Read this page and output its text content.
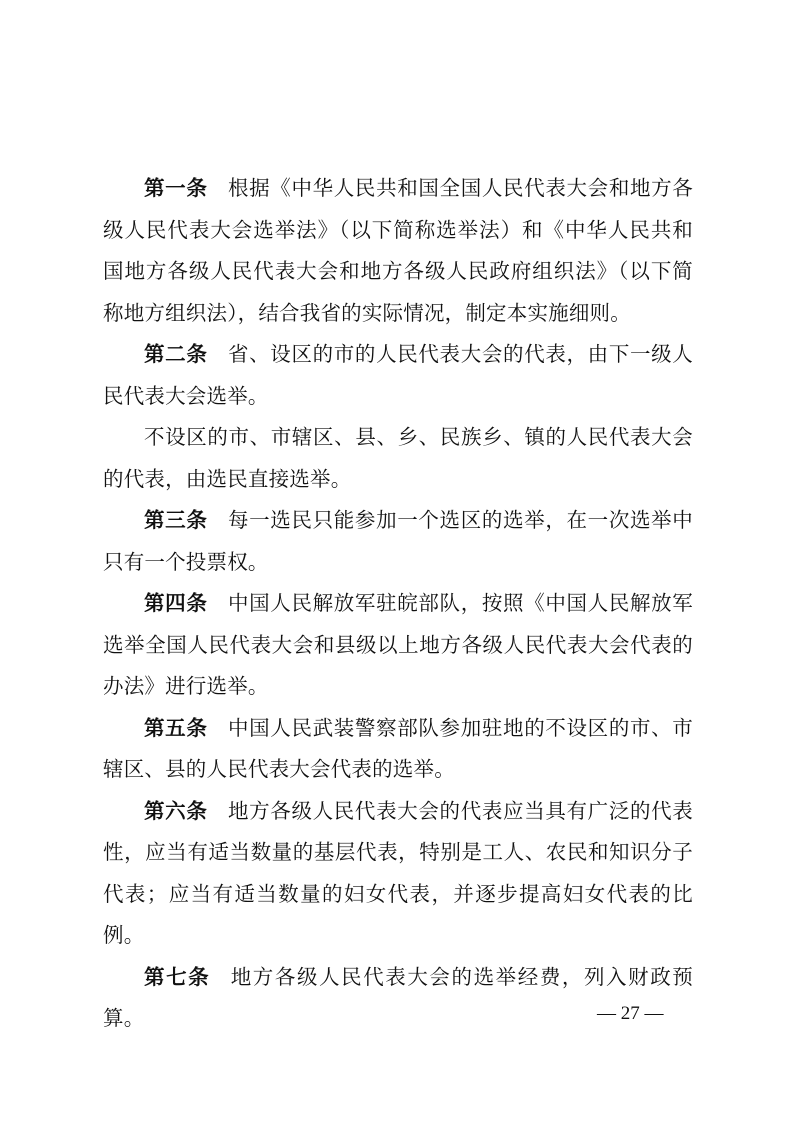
第一条 根据《中华人民共和国全国人民代表大会和地方各级人民代表大会选举法》（以下简称选举法）和《中华人民共和国地方各级人民代表大会和地方各级人民政府组织法》（以下简称地方组织法），结合我省的实际情况，制定本实施细则。

第二条 省、设区的市的人民代表大会的代表，由下一级人民代表大会选举。

不设区的市、市辖区、县、乡、民族乡、镇的人民代表大会的代表，由选民直接选举。

第三条 每一选民只能参加一个选区的选举，在一次选举中只有一个投票权。

第四条 中国人民解放军驻皖部队，按照《中国人民解放军选举全国人民代表大会和县级以上地方各级人民代表大会代表的办法》进行选举。

第五条 中国人民武装警察部队参加驻地的不设区的市、市辖区、县的人民代表大会代表的选举。

第六条 地方各级人民代表大会的代表应当具有广泛的代表性，应当有适当数量的基层代表，特别是工人、农民和知识分子代表；应当有适当数量的妇女代表，并逐步提高妇女代表的比例。

第七条 地方各级人民代表大会的选举经费，列入财政预算。	— 27 —
